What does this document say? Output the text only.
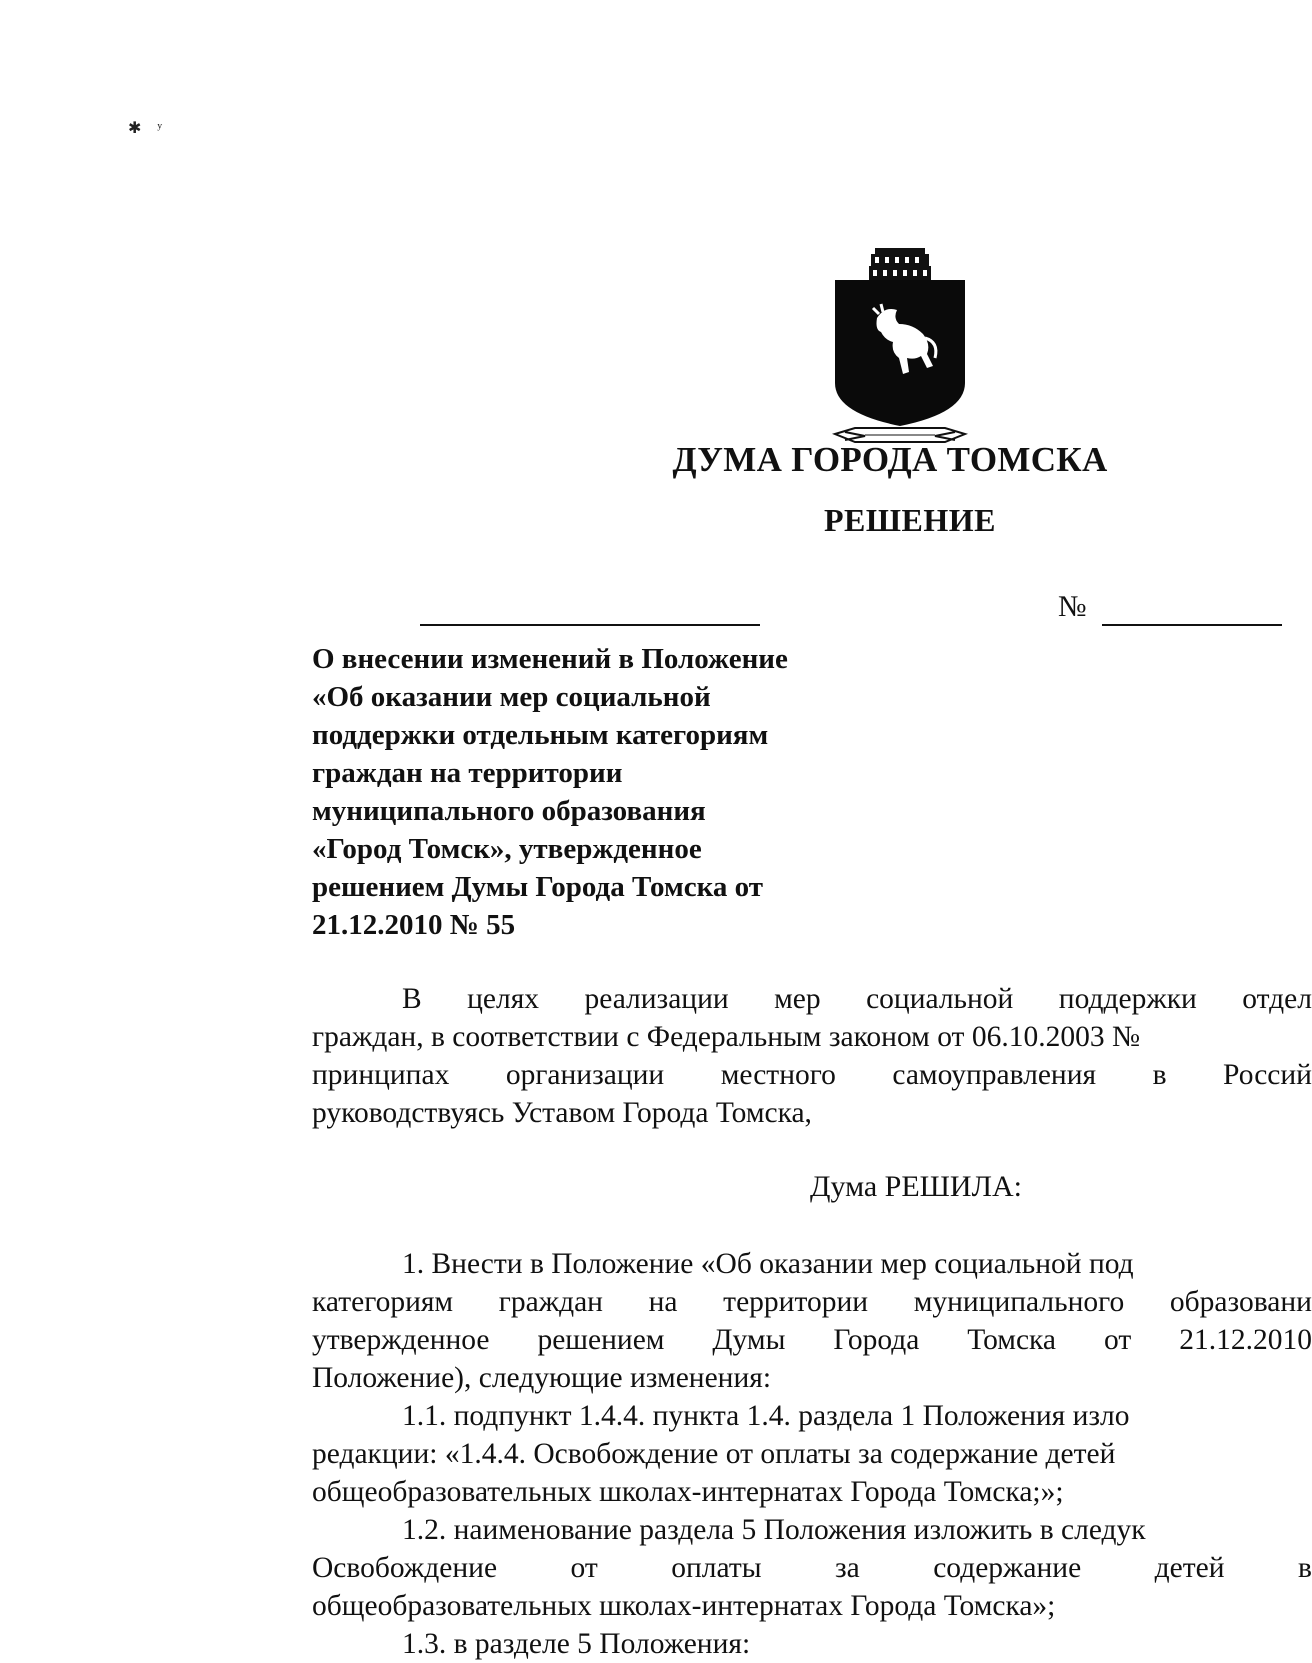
✱    ʸ
ДУМА ГОРОДА ТОМСКА
РЕШЕНИЕ
№
О внесении изменений в Положение
«Об оказании мер социальной
поддержки отдельным категориям
граждан на территории
муниципального образования
«Город Томск», утвержденное
решением Думы Города Томска от
21.12.2010 № 55
В целях реализации мер социальной поддержки отдел
граждан, в соответствии с Федеральным законом от 06.10.2003 №
принципах организации местного самоуправления в Россий
руководствуясь Уставом Города Томска,
Дума РЕШИЛА:
1. Внести в Положение «Об оказании мер социальной под
категориям граждан на территории муниципального образовани
утвержденное решением Думы Города Томска от 21.12.2010
Положение), следующие изменения:
1.1. подпункт 1.4.4. пункта 1.4. раздела 1 Положения изло
редакции: «1.4.4. Освобождение от оплаты за содержание детей
общеобразовательных школах-интернатах Города Томска;»;
1.2. наименование раздела 5 Положения изложить в следук
Освобождение от оплаты за содержание детей в
общеобразовательных школах-интернатах Города Томска»;
1.3. в разделе 5 Положения:
